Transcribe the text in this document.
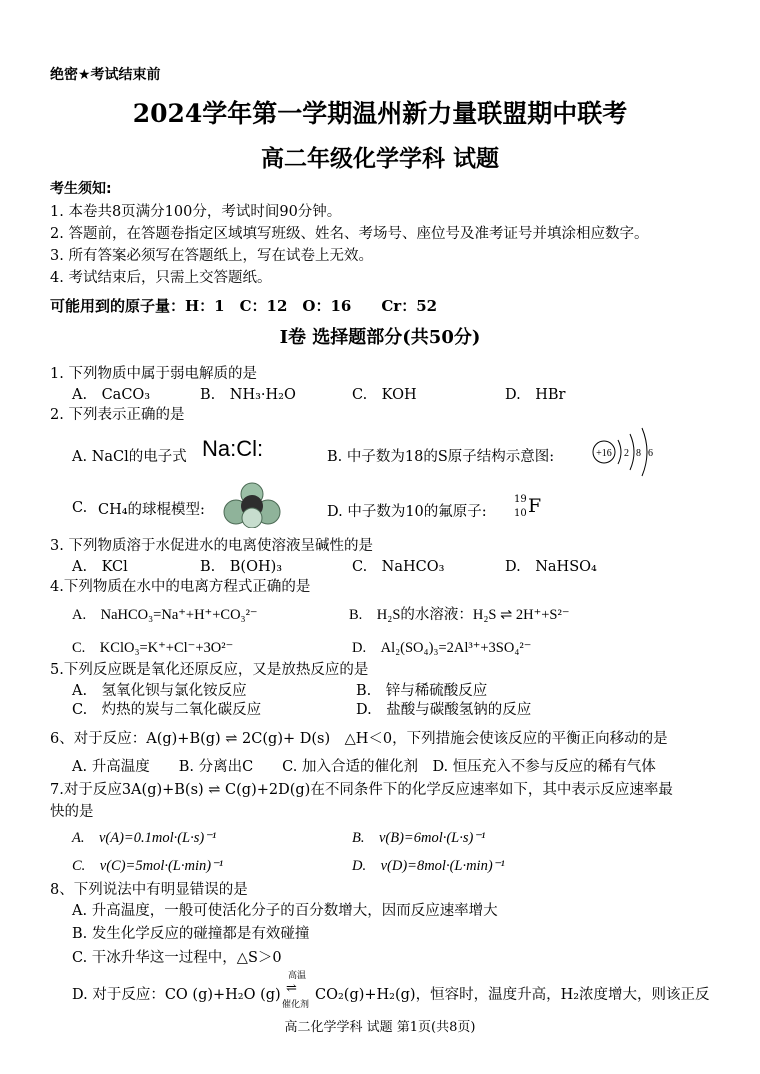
绝密★考试结束前
2024学年第一学期温州新力量联盟期中联考
高二年级化学学科 试题
考生须知:
1. 本卷共8页满分100分，考试时间90分钟。
2. 答题前，在答题卷指定区域填写班级、姓名、考场号、座位号及准考证号并填涂相应数字。
3. 所有答案必须写在答题纸上，写在试卷上无效。
4. 考试结束后，只需上交答题纸。
可能用到的原子量：H：1　C：12　O：16　　Cr：52
Ⅰ卷 选择题部分(共50分)
1. 下列物质中属于弱电解质的是
A.　CaCO₃	B.　NH₃·H₂O	C.　KOH	D.　HBr
2. 下列表示正确的是
A. NaCl的电子式 Na:Cl:	B. 中子数为18的S原子结构示意图:	+16 2 8 6
C. CH₄的球棍模型:	D. 中子数为10的氟原子:
19
10 F
3. 下列物质溶于水促进水的电离使溶液呈碱性的是
A.　KCl	B.　B(OH)₃	C.　NaHCO₃	D.　NaHSO₄
4.下列物质在水中的电离方程式正确的是
A.　NaHCO₃=Na⁺+H⁺+CO₃²⁻	B.　H₂S的水溶液：H₂S ⇌ 2H⁺+S²⁻
C.　KClO₃=K⁺+Cl⁻+3O²⁻	D.　Al₂(SO₄)₃=2Al³⁺+3SO₄²⁻
5.下列反应既是氧化还原反应，又是放热反应的是
A.　氢氧化钡与氯化铵反应	B.　锌与稀硫酸反应
C.　灼热的炭与二氧化碳反应	D.　盐酸与碳酸氢钠的反应
6、对于反应：A(g)+B(g) ⇌ 2C(g)+ D(s)　△H＜0，下列措施会使该反应的平衡正向移动的是
A. 升高温度　　B. 分离出C　　C. 加入合适的催化剂　D. 恒压充入不参与反应的稀有气体
7.对于反应3A(g)+B(s) ⇌ C(g)+2D(g)在不同条件下的化学反应速率如下，其中表示反应速率最
快的是
A.　v(A)=0.1mol·(L·s)⁻¹	B.　v(B)=6mol·(L·s)⁻¹
C.　v(C)=5mol·(L·min)⁻¹	D.　v(D)=8mol·(L·min)⁻¹
8、下列说法中有明显错误的是
A. 升高温度，一般可使活化分子的百分数增大，因而反应速率增大
B. 发生化学反应的碰撞都是有效碰撞
C. 干冰升华这一过程中，△S＞0
D. 对于反应：CO (g)+H₂O (g)
高温
⇌
催化剂
CO₂(g)+H₂(g)，恒容时，温度升高，H₂浓度增大，则该正反
高二化学学科 试题 第1页(共8页)
